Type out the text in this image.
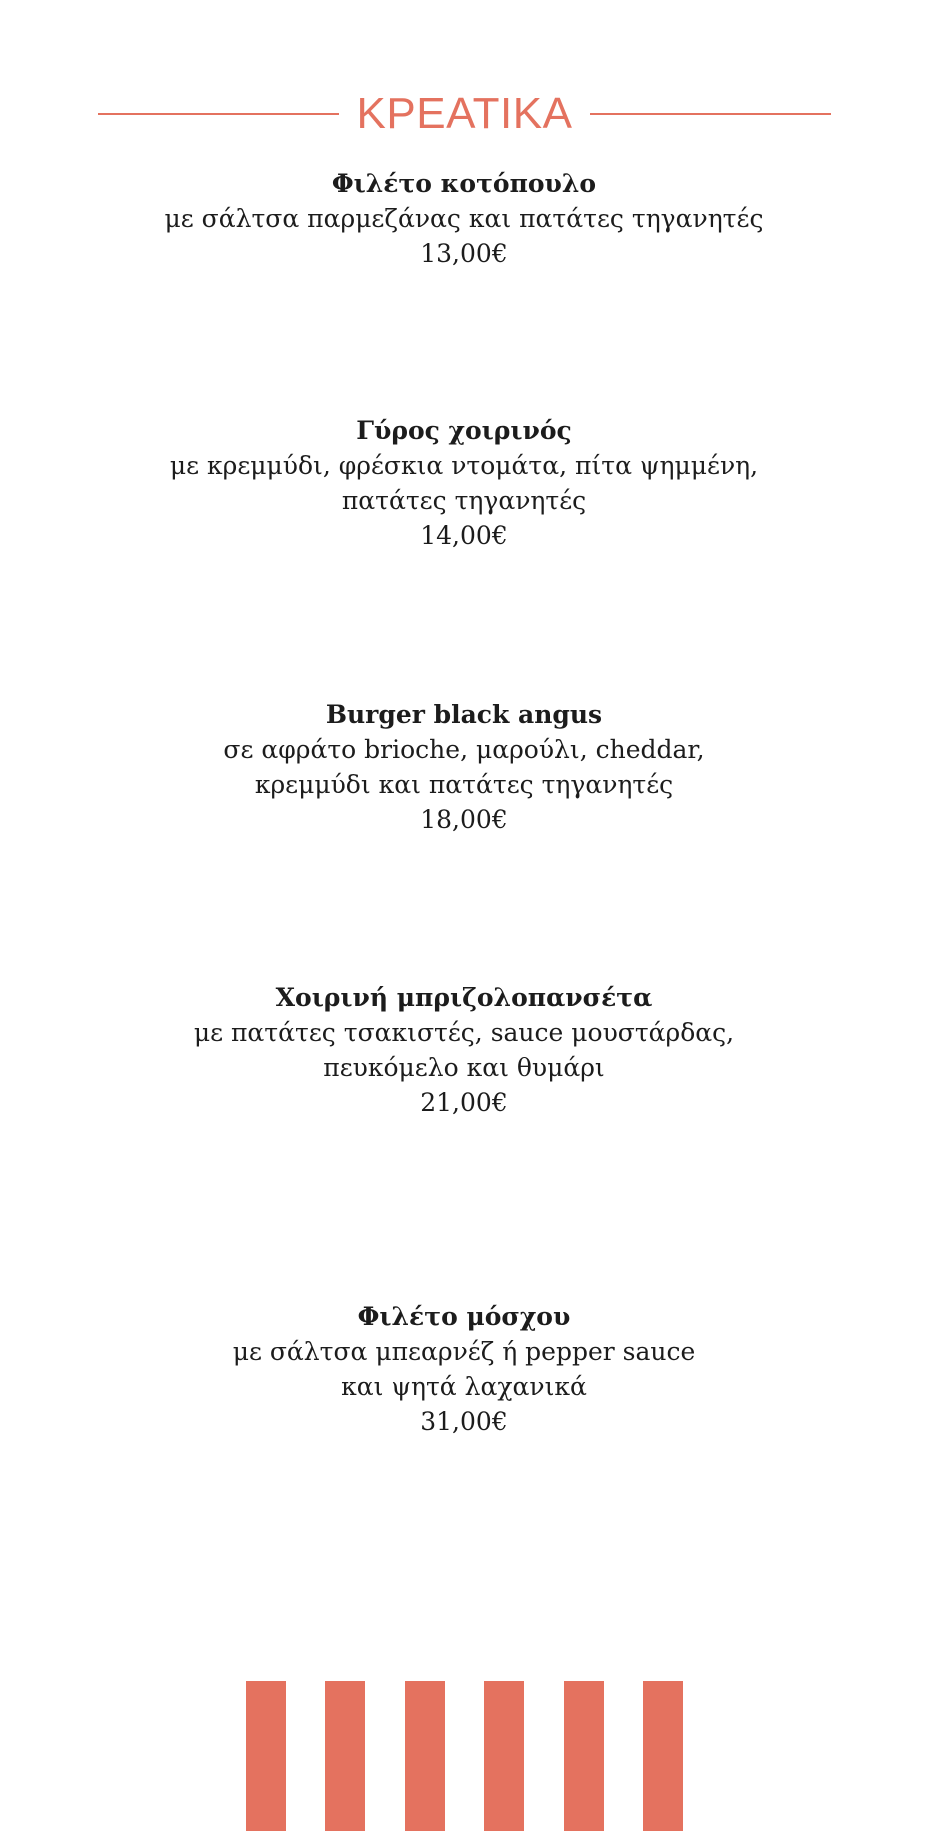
ΚΡΕΑΤΙΚΑ

Φιλέτο κοτόπουλο

με σάλτσα παρμεζάνας και πατάτες τηγανητές

13,00€

Γύρος χοιρινός

με κρεμμύδι, φρέσκια ντομάτα, πίτα ψημμένη,

πατάτες τηγανητές

14,00€

Burger black angus

σε αφράτο brioche, μαρούλι, cheddar,

κρεμμύδι και πατάτες τηγανητές

18,00€

Χοιρινή μπριζολοπανσέτα

με πατάτες τσακιστές, sauce μουστάρδας,

πευκόμελο και θυμάρι

21,00€

Φιλέτο μόσχου

με σάλτσα μπεαρνέζ ή pepper sauce

και ψητά λαχανικά

31,00€
